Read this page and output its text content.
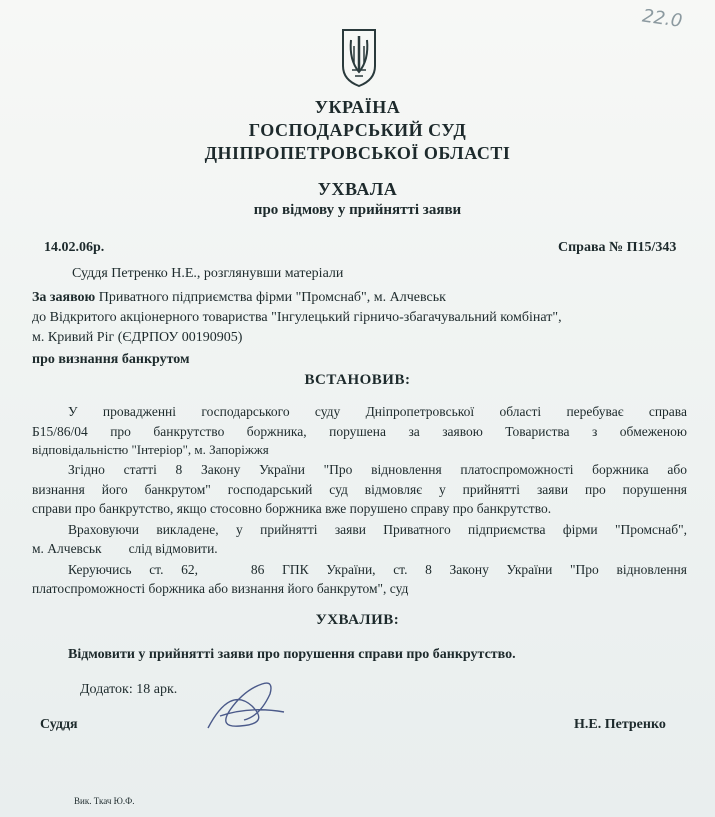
22.0
УКРАЇНА
ГОСПОДАРСЬКИЙ СУД
ДНІПРОПЕТРОВСЬКОЇ ОБЛАСТІ
УХВАЛА
про відмову у прийнятті заяви
14.02.06р.	Справа № П15/343
Суддя Петренко Н.Е., розглянувши матеріали
За заявою Приватного підприємства фірми "Промснаб", м. Алчевськ
до Відкритого акціонерного товариства "Інгулецький гірничо-збагачувальний комбінат",
м. Кривий Ріг (ЄДРПОУ 00190905)
про визнання банкрутом
ВСТАНОВИВ:
У провадженні господарського суду Дніпропетровської області перебуває справа
Б15/86/04 про банкрутство боржника, порушена за заявою Товариства з обмеженою
відповідальністю "Інтеріор", м. Запоріжжя
Згідно статті 8 Закону України "Про відновлення платоспроможності боржника або
визнання його банкрутом" господарський суд відмовляє у прийнятті заяви про порушення
справи про банкрутство, якщо стосовно боржника вже порушено справу про банкрутство.
Враховуючи викладене, у прийнятті заяви Приватного підприємства фірми "Промснаб",
м. Алчевськ        слід відмовити.
Керуючись ст. 62,   86 ГПК України, ст. 8 Закону України "Про відновлення
платоспроможності боржника або визнання його банкрутом", суд
УХВАЛИВ:
Відмовити у прийнятті заяви про порушення справи про банкрутство.
Додаток: 18 арк.
Суддя	Н.Е. Петренко
Вик. Ткач Ю.Ф.
